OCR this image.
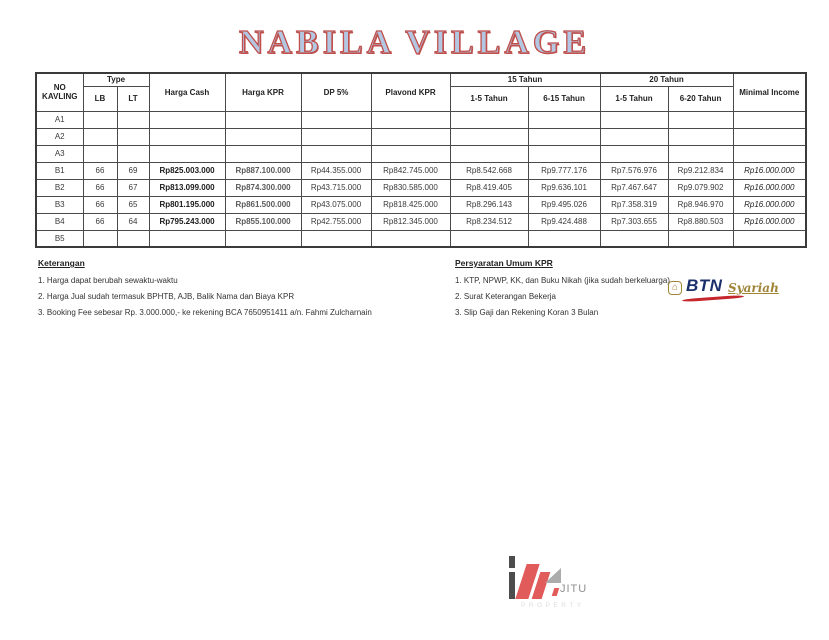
NABILA VILLAGE
NO KAVLING	Type		Harga Cash	Harga KPR	DP 5%	Plavond KPR	15 Tahun		20 Tahun		Minimal Income
	LB	LT					1-5 Tahun	6-15 Tahun	1-5 Tahun	6-20 Tahun	
A1											
A2											
A3											
B1	66	69	Rp825.003.000	Rp887.100.000	Rp44.355.000	Rp842.745.000	Rp8.542.668	Rp9.777.176	Rp7.576.976	Rp9.212.834	Rp16.000.000
B2	66	67	Rp813.099.000	Rp874.300.000	Rp43.715.000	Rp830.585.000	Rp8.419.405	Rp9.636.101	Rp7.467.647	Rp9.079.902	Rp16.000.000
B3	66	65	Rp801.195.000	Rp861.500.000	Rp43.075.000	Rp818.425.000	Rp8.296.143	Rp9.495.026	Rp7.358.319	Rp8.946.970	Rp16.000.000
B4	66	64	Rp795.243.000	Rp855.100.000	Rp42.755.000	Rp812.345.000	Rp8.234.512	Rp9.424.488	Rp7.303.655	Rp8.880.503	Rp16.000.000
B5											
Keterangan
1. Harga dapat berubah sewaktu-waktu
2. Harga Jual sudah termasuk BPHTB, AJB, Balik Nama dan Biaya KPR
3. Booking Fee sebesar Rp. 3.000.000,- ke rekening BCA 7650951411 a/n. Fahmi Zulcharnain
Persyaratan Umum KPR
1. KTP, NPWP, KK, dan Buku Nikah (jika sudah berkeluarga)
2. Surat Keterangan Bekerja
3. Slip Gaji dan Rekening Koran 3 Bulan
⌂ BTN Syariah
JITU
PROPERTY
